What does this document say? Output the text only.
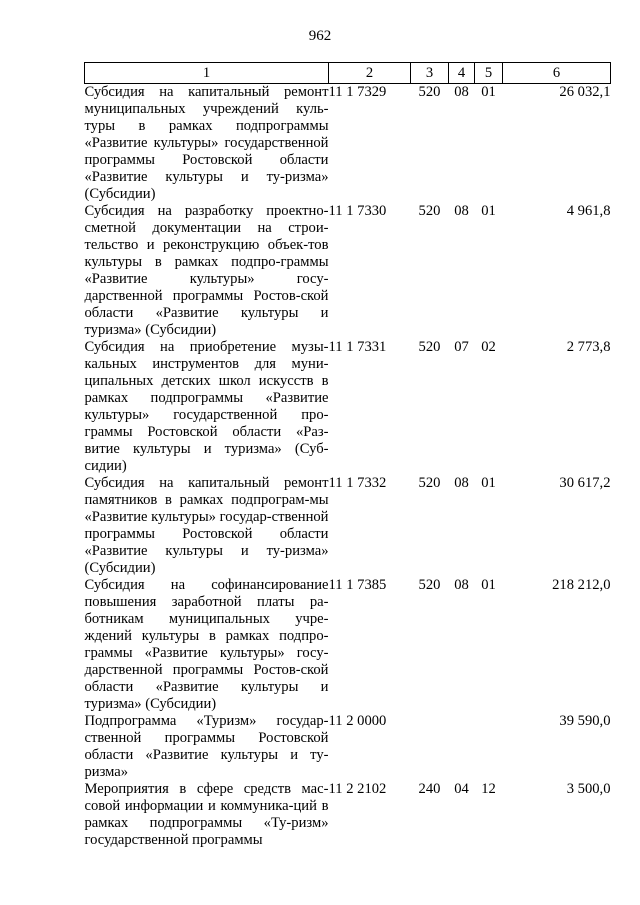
962
1	2	3	4	5	6
Субсидия на капитальный ремонт муниципальных учреждений куль-туры в рамках подпрограммы «Развитие культуры» государственной программы Ростовской области «Развитие культуры и ту-ризма» (Субсидии)	11 1 7329	520	08	01	26 032,1
Субсидия на разработку проектно-сметной документации на строи-тельство и реконструкцию объек-тов культуры в рамках подпро-граммы «Развитие культуры» госу-дарственной программы Ростов-ской области «Развитие культуры и туризма» (Субсидии)	11 1 7330	520	08	01	4 961,8
Субсидия на приобретение музы-кальных инструментов для муни-ципальных детских школ искусств в рамках подпрограммы «Развитие культуры» государственной про-граммы Ростовской области «Раз-витие культуры и туризма» (Суб-сидии)	11 1 7331	520	07	02	2 773,8
Субсидия на капитальный ремонт памятников в рамках подпрограм-мы «Развитие культуры» государ-ственной программы Ростовской области «Развитие культуры и ту-ризма» (Субсидии)	11 1 7332	520	08	01	30 617,2
Субсидия на софинансирование повышения заработной платы ра-ботникам муниципальных учре-ждений культуры в рамках подпро-граммы «Развитие культуры» госу-дарственной программы Ростов-ской области «Развитие культуры и туризма» (Субсидии)	11 1 7385	520	08	01	218 212,0
Подпрограмма «Туризм» государ-ственной программы Ростовской области «Развитие культуры и ту-ризма»	11 2 0000				39 590,0
Мероприятия в сфере средств мас-совой информации и коммуника-ций в рамках подпрограммы «Ту-ризм» государственной программы	11 2 2102	240	04	12	3 500,0
